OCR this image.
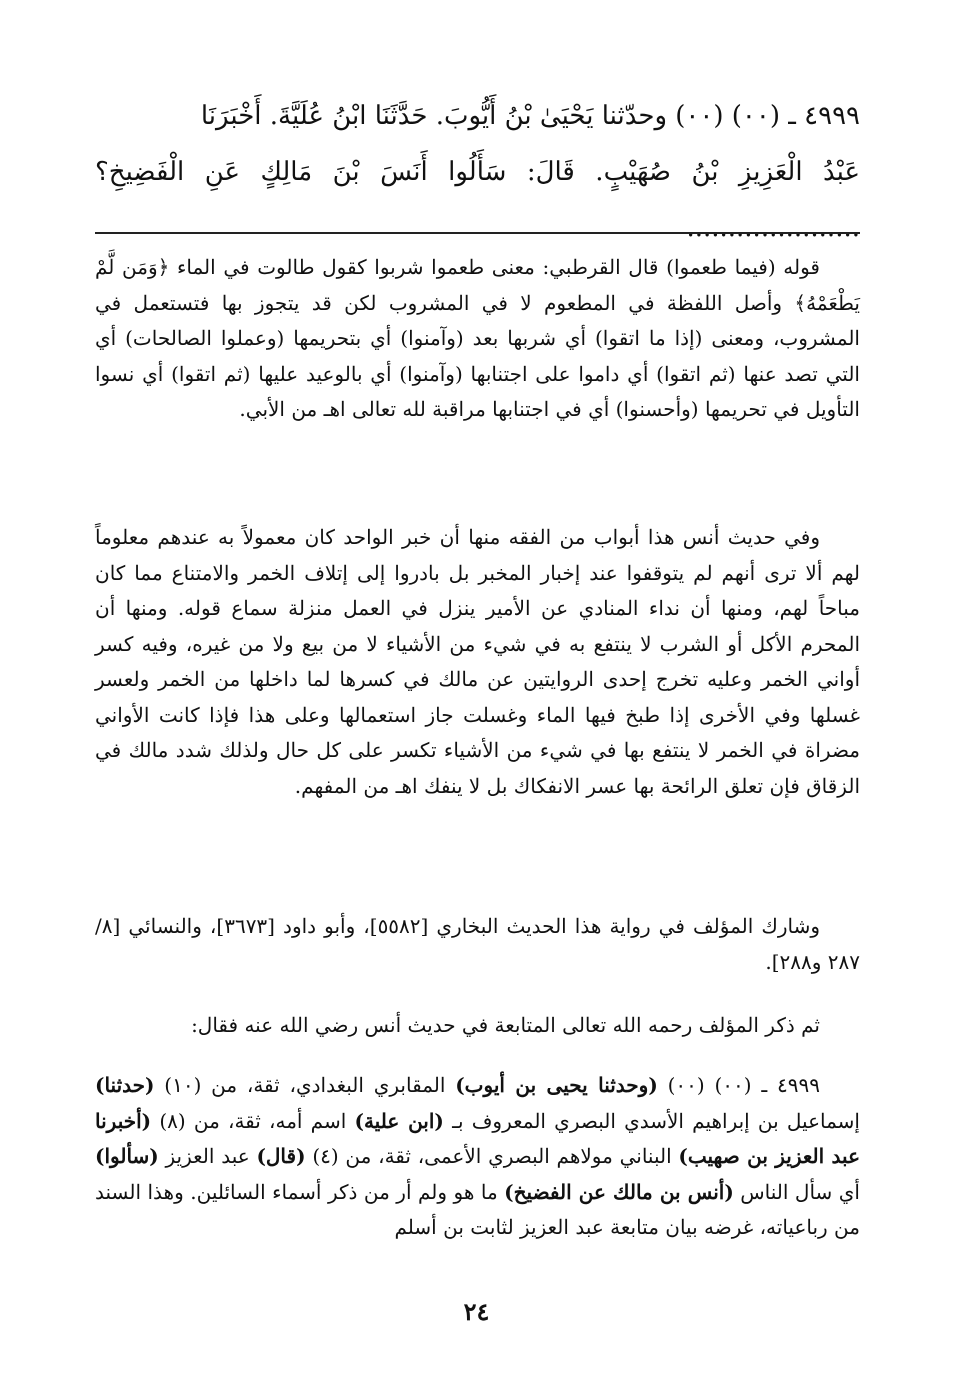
٤٩٩٩ ـ (٠٠) (٠٠) وحدّثنا يَحْيَىٰ بْنُ أَيُّوبَ. حَدَّثَنَا ابْنُ عُلَيَّةَ. أَخْبَرَنَا

عَبْدُ الْعَزِيزِ بْنُ صُهَيْبٍ. قَالَ: سَأَلُوا أَنَسَ بْنَ مَالِكٍ عَنِ الْفَضِيخِ؟ .....................

قوله (فيما طعموا) قال القرطبي: معنى طعموا شربوا كقول طالوت في الماء ﴿وَمَن لَّمْ يَطْعَمْهُ﴾ وأصل اللفظة في المطعوم لا في المشروب لكن قد يتجوز بها فتستعمل في المشروب، ومعنى (إذا ما اتقوا) أي شربها بعد (وآمنوا) أي بتحريمها (وعملوا الصالحات) أي التي تصد عنها (ثم اتقوا) أي داموا على اجتنابها (وآمنوا) أي بالوعيد عليها (ثم اتقوا) أي نسوا التأويل في تحريمها (وأحسنوا) أي في اجتنابها مراقبة لله تعالى اهـ من الأبي.

وفي حديث أنس هذا أبواب من الفقه منها أن خبر الواحد كان معمولاً به عندهم معلوماً لهم ألا ترى أنهم لم يتوقفوا عند إخبار المخبر بل بادروا إلى إتلاف الخمر والامتناع مما كان مباحاً لهم، ومنها أن نداء المنادي عن الأمير ينزل في العمل منزلة سماع قوله. ومنها أن المحرم الأكل أو الشرب لا ينتفع به في شيء من الأشياء لا من بيع ولا من غيره، وفيه كسر أواني الخمر وعليه تخرج إحدى الروايتين عن مالك في كسرها لما داخلها من الخمر ولعسر غسلها وفي الأخرى إذا طبخ فيها الماء وغسلت جاز استعمالها وعلى هذا فإذا كانت الأواني مضراة في الخمر لا ينتفع بها في شيء من الأشياء تكسر على كل حال ولذلك شدد مالك في الزقاق فإن تعلق الرائحة بها عسر الانفكاك بل لا ينفك اهـ من المفهم.

وشارك المؤلف في رواية هذا الحديث البخاري [٥٥٨٢]، وأبو داود [٣٦٧٣]، والنسائي [٨/ ٢٨٧ و٢٨٨].

ثم ذكر المؤلف رحمه الله تعالى المتابعة في حديث أنس رضي الله عنه فقال:

٤٩٩٩ ـ (٠٠) (٠٠) (وحدثنا يحيى بن أيوب) المقابري البغدادي، ثقة، من (١٠) (حدثنا) إسماعيل بن إبراهيم الأسدي البصري المعروف بـ (ابن علية) اسم أمه، ثقة، من (٨) (أخبرنا عبد العزيز بن صهيب) البناني مولاهم البصري الأعمى، ثقة، من (٤) (قال) عبد العزيز (سألوا) أي سأل الناس (أنس بن مالك عن الفضيخ) ما هو ولم أر من ذكر أسماء السائلين. وهذا السند من رباعياته، غرضه بيان متابعة عبد العزيز لثابت بن أسلم

٢٤
